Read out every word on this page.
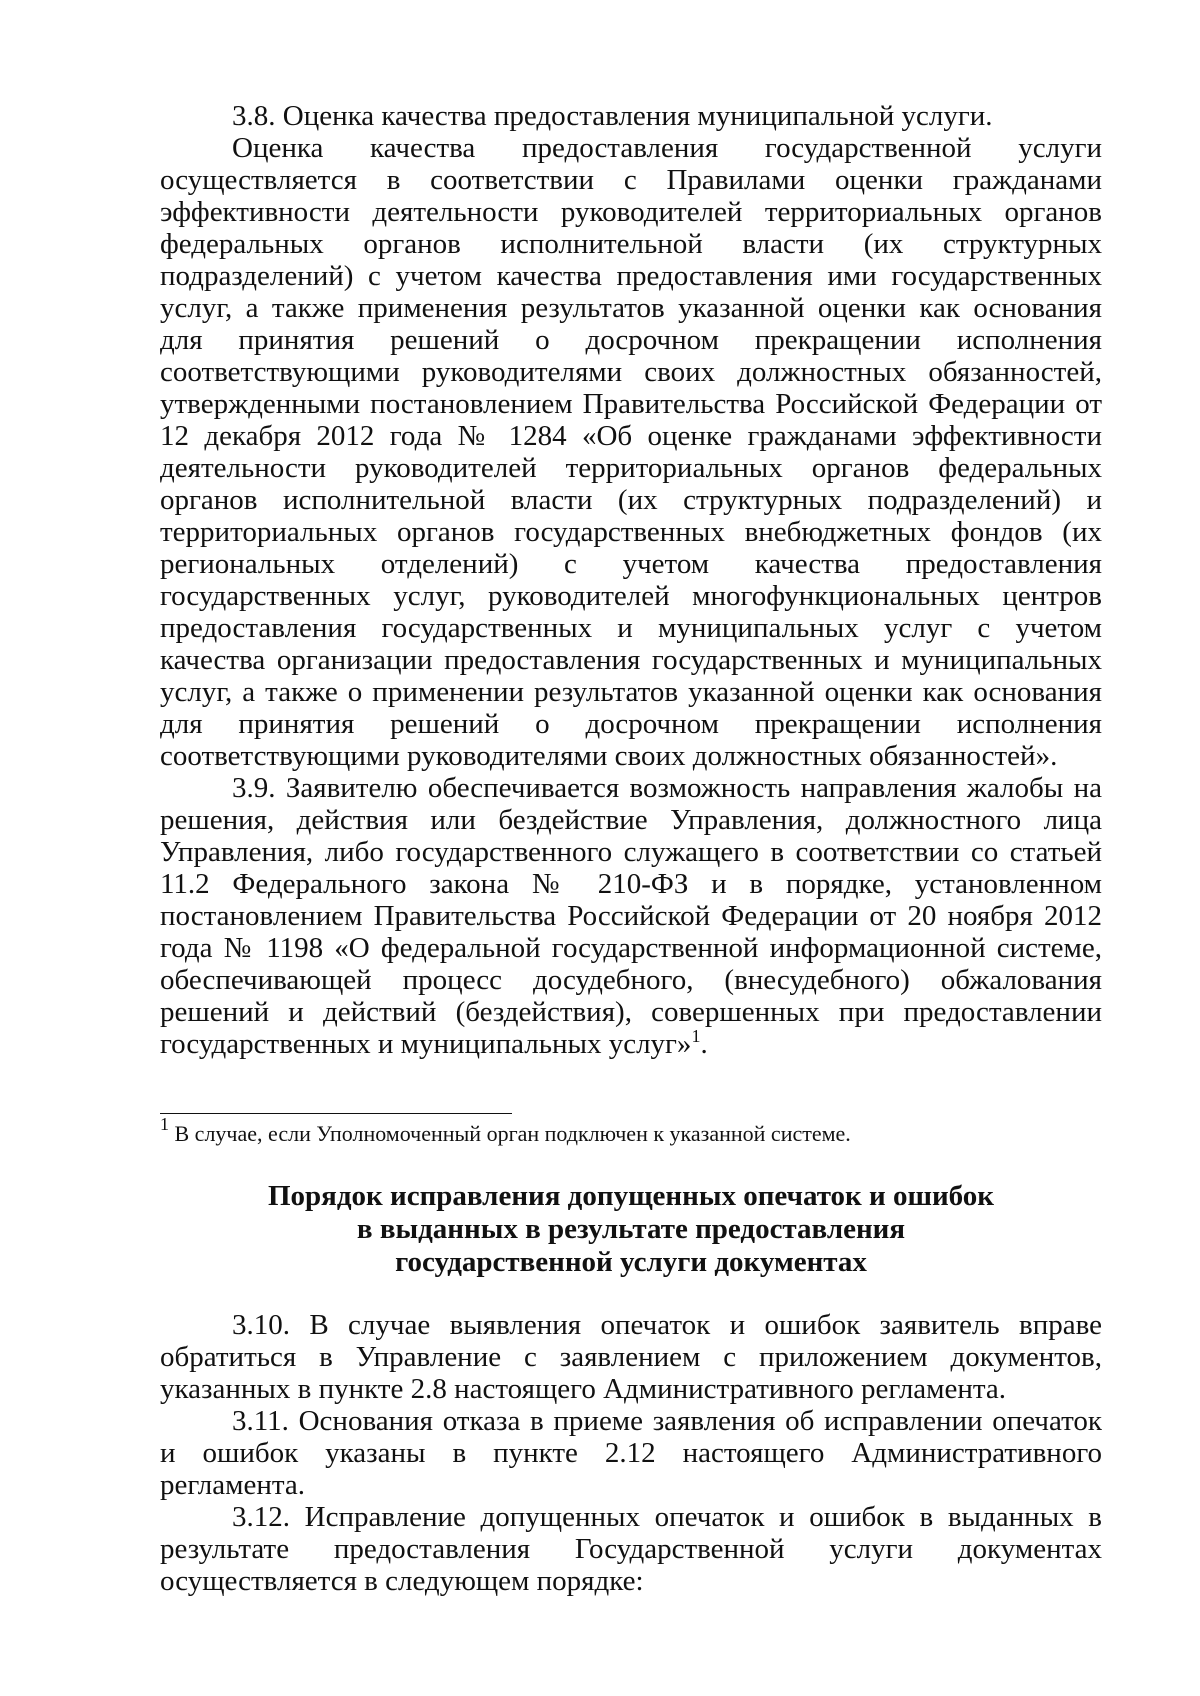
3.8. Оценка качества предоставления муниципальной услуги.

Оценка качества предоставления государственной услуги осуществляется в соответствии с Правилами оценки гражданами эффективности деятельности руководителей территориальных органов федеральных органов исполнительной власти (их структурных подразделений) с учетом качества предоставления ими государственных услуг, а также применения результатов указанной оценки как основания для принятия решений о досрочном прекращении исполнения соответствующими руководителями своих должностных обязанностей, утвержденными постановлением Правительства Российской Федерации от 12 декабря 2012 года № 1284 «Об оценке гражданами эффективности деятельности руководителей территориальных органов федеральных органов исполнительной власти (их структурных подразделений) и территориальных органов государственных внебюджетных фондов (их региональных отделений) с учетом качества предоставления государственных услуг, руководителей многофункциональных центров предоставления государственных и муниципальных услуг с учетом качества организации предоставления государственных и муниципальных услуг, а также о применении результатов указанной оценки как основания для принятия решений о досрочном прекращении исполнения соответствующими руководителями своих должностных обязанностей».

3.9. Заявителю обеспечивается возможность направления жалобы на решения, действия или бездействие Управления, должностного лица Управления, либо государственного служащего в соответствии со статьей 11.2 Федерального закона № 210-ФЗ и в порядке, установленном постановлением Правительства Российской Федерации от 20 ноября 2012 года № 1198 «О федеральной государственной информационной системе, обеспечивающей процесс досудебного, (внесудебного) обжалования решений и действий (бездействия), совершенных при предоставлении государственных и муниципальных услуг»$^1$.

$^1$ В случае, если Уполномоченный орган подключен к указанной системе.
Порядок исправления допущенных опечаток и ошибок
в выданных в результате предоставления
государственной услуги документах

3.10. В случае выявления опечаток и ошибок заявитель вправе обратиться в Управление с заявлением с приложением документов, указанных в пункте 2.8 настоящего Административного регламента.

3.11. Основания отказа в приеме заявления об исправлении опечаток и ошибок указаны в пункте 2.12 настоящего Административного регламента.

3.12. Исправление допущенных опечаток и ошибок в выданных в результате предоставления Государственной услуги документах осуществляется в следующем порядке:
